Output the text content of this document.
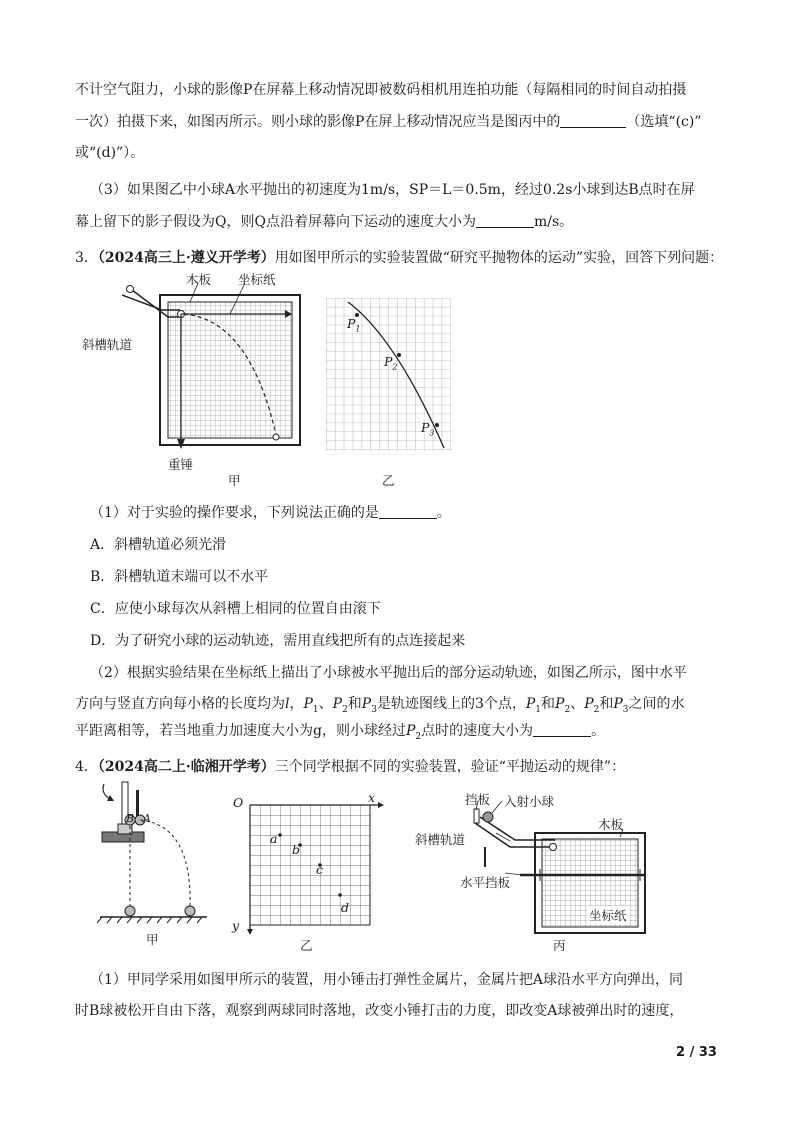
不计空气阻力，小球的影像P在屏幕上移动情况即被数码相机用连拍功能（每隔相同的时间自动拍摄
一次）拍摄下来，如图丙所示。则小球的影像P在屏上移动情况应当是图丙中的	（选填“(c)”
或“(d)”）。
（3）如果图乙中小球A水平抛出的初速度为1m/s，SP＝L＝0.5m，经过0.2s小球到达B点时在屏
幕上留下的影子假设为Q，则Q点沿着屏幕向下运动的速度大小为	m/s。
3．（2024高三上·遵义开学考）用如图甲所示的实验装置做“研究平抛物体的运动”实验，回答下列问题：
木板 坐标纸
斜槽轨道
重锤
甲
$P_1$
$P_2$
$P_3$
乙
（1）对于实验的操作要求，下列说法正确的是	。
A．斜槽轨道必须光滑
B．斜槽轨道末端可以不水平
C．应使小球每次从斜槽上相同的位置自由滚下
D．为了研究小球的运动轨迹，需用直线把所有的点连接起来
（2）根据实验结果在坐标纸上描出了小球被水平抛出后的部分运动轨迹，如图乙所示，图中水平
方向与竖直方向每小格的长度均为l，$P_1$、$P_2$和$P_3$是轨迹图线上的3个点，$P_1$和$P_2$、$P_2$和$P_3$之间的水
平距离相等，若当地重力加速度大小为g，则小球经过$P_2$点时的速度大小为	。
4．（2024高二上·临湘开学考）三个同学根据不同的实验装置，验证“平抛运动的规律”：
B A
甲
O	x
y
a
b
c
d
乙
挡板 入射小球
木板
斜槽轨道
水平挡板
坐标纸
丙
（1）甲同学采用如图甲所示的装置，用小锤击打弹性金属片，金属片把A球沿水平方向弹出，同
时B球被松开自由下落，观察到两球同时落地，改变小锤打击的力度，即改变A球被弹出时的速度，
2 / 33
